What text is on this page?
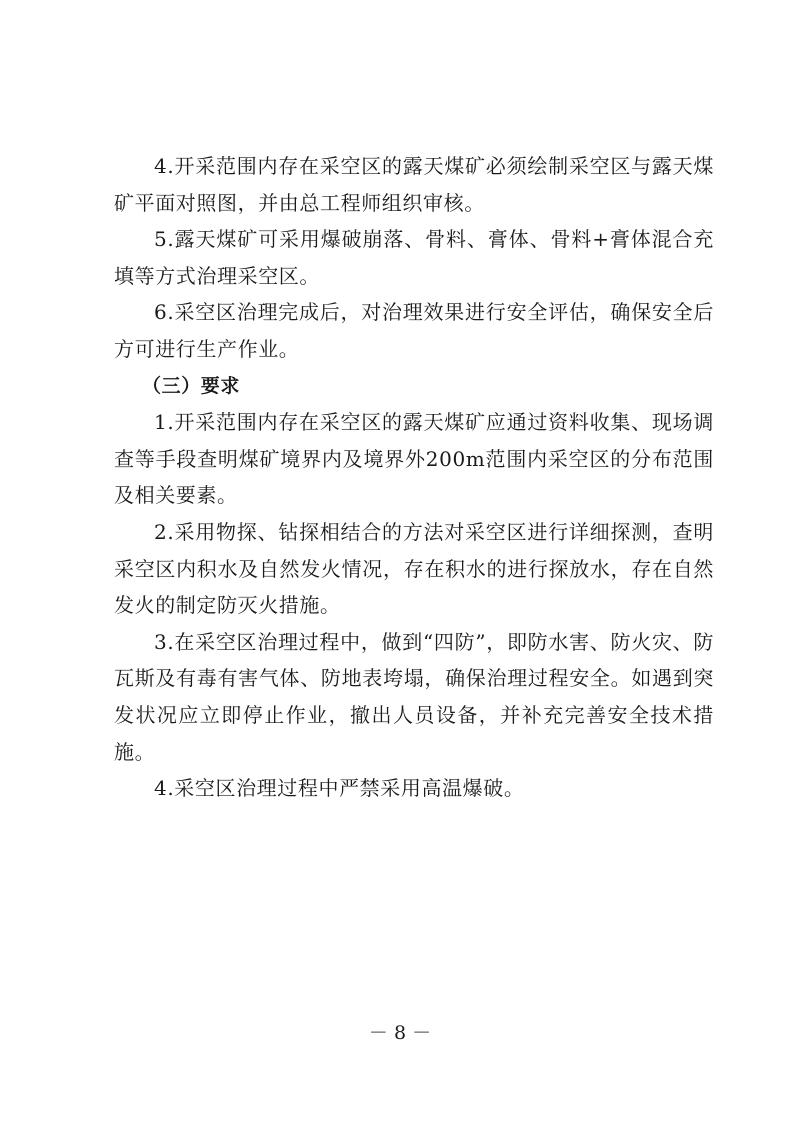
4.开采范围内存在采空区的露天煤矿必须绘制采空区与露天煤矿平面对照图，并由总工程师组织审核。

5.露天煤矿可采用爆破崩落、骨料、膏体、骨料+膏体混合充填等方式治理采空区。

6.采空区治理完成后，对治理效果进行安全评估，确保安全后方可进行生产作业。

（三）要求

1.开采范围内存在采空区的露天煤矿应通过资料收集、现场调查等手段查明煤矿境界内及境界外200m范围内采空区的分布范围及相关要素。

2.采用物探、钻探相结合的方法对采空区进行详细探测，查明采空区内积水及自然发火情况，存在积水的进行探放水，存在自然发火的制定防灭火措施。

3.在采空区治理过程中，做到“四防”，即防水害、防火灾、防瓦斯及有毒有害气体、防地表垮塌，确保治理过程安全。如遇到突发状况应立即停止作业，撤出人员设备，并补充完善安全技术措施。

4.采空区治理过程中严禁采用高温爆破。

－ 8 －
